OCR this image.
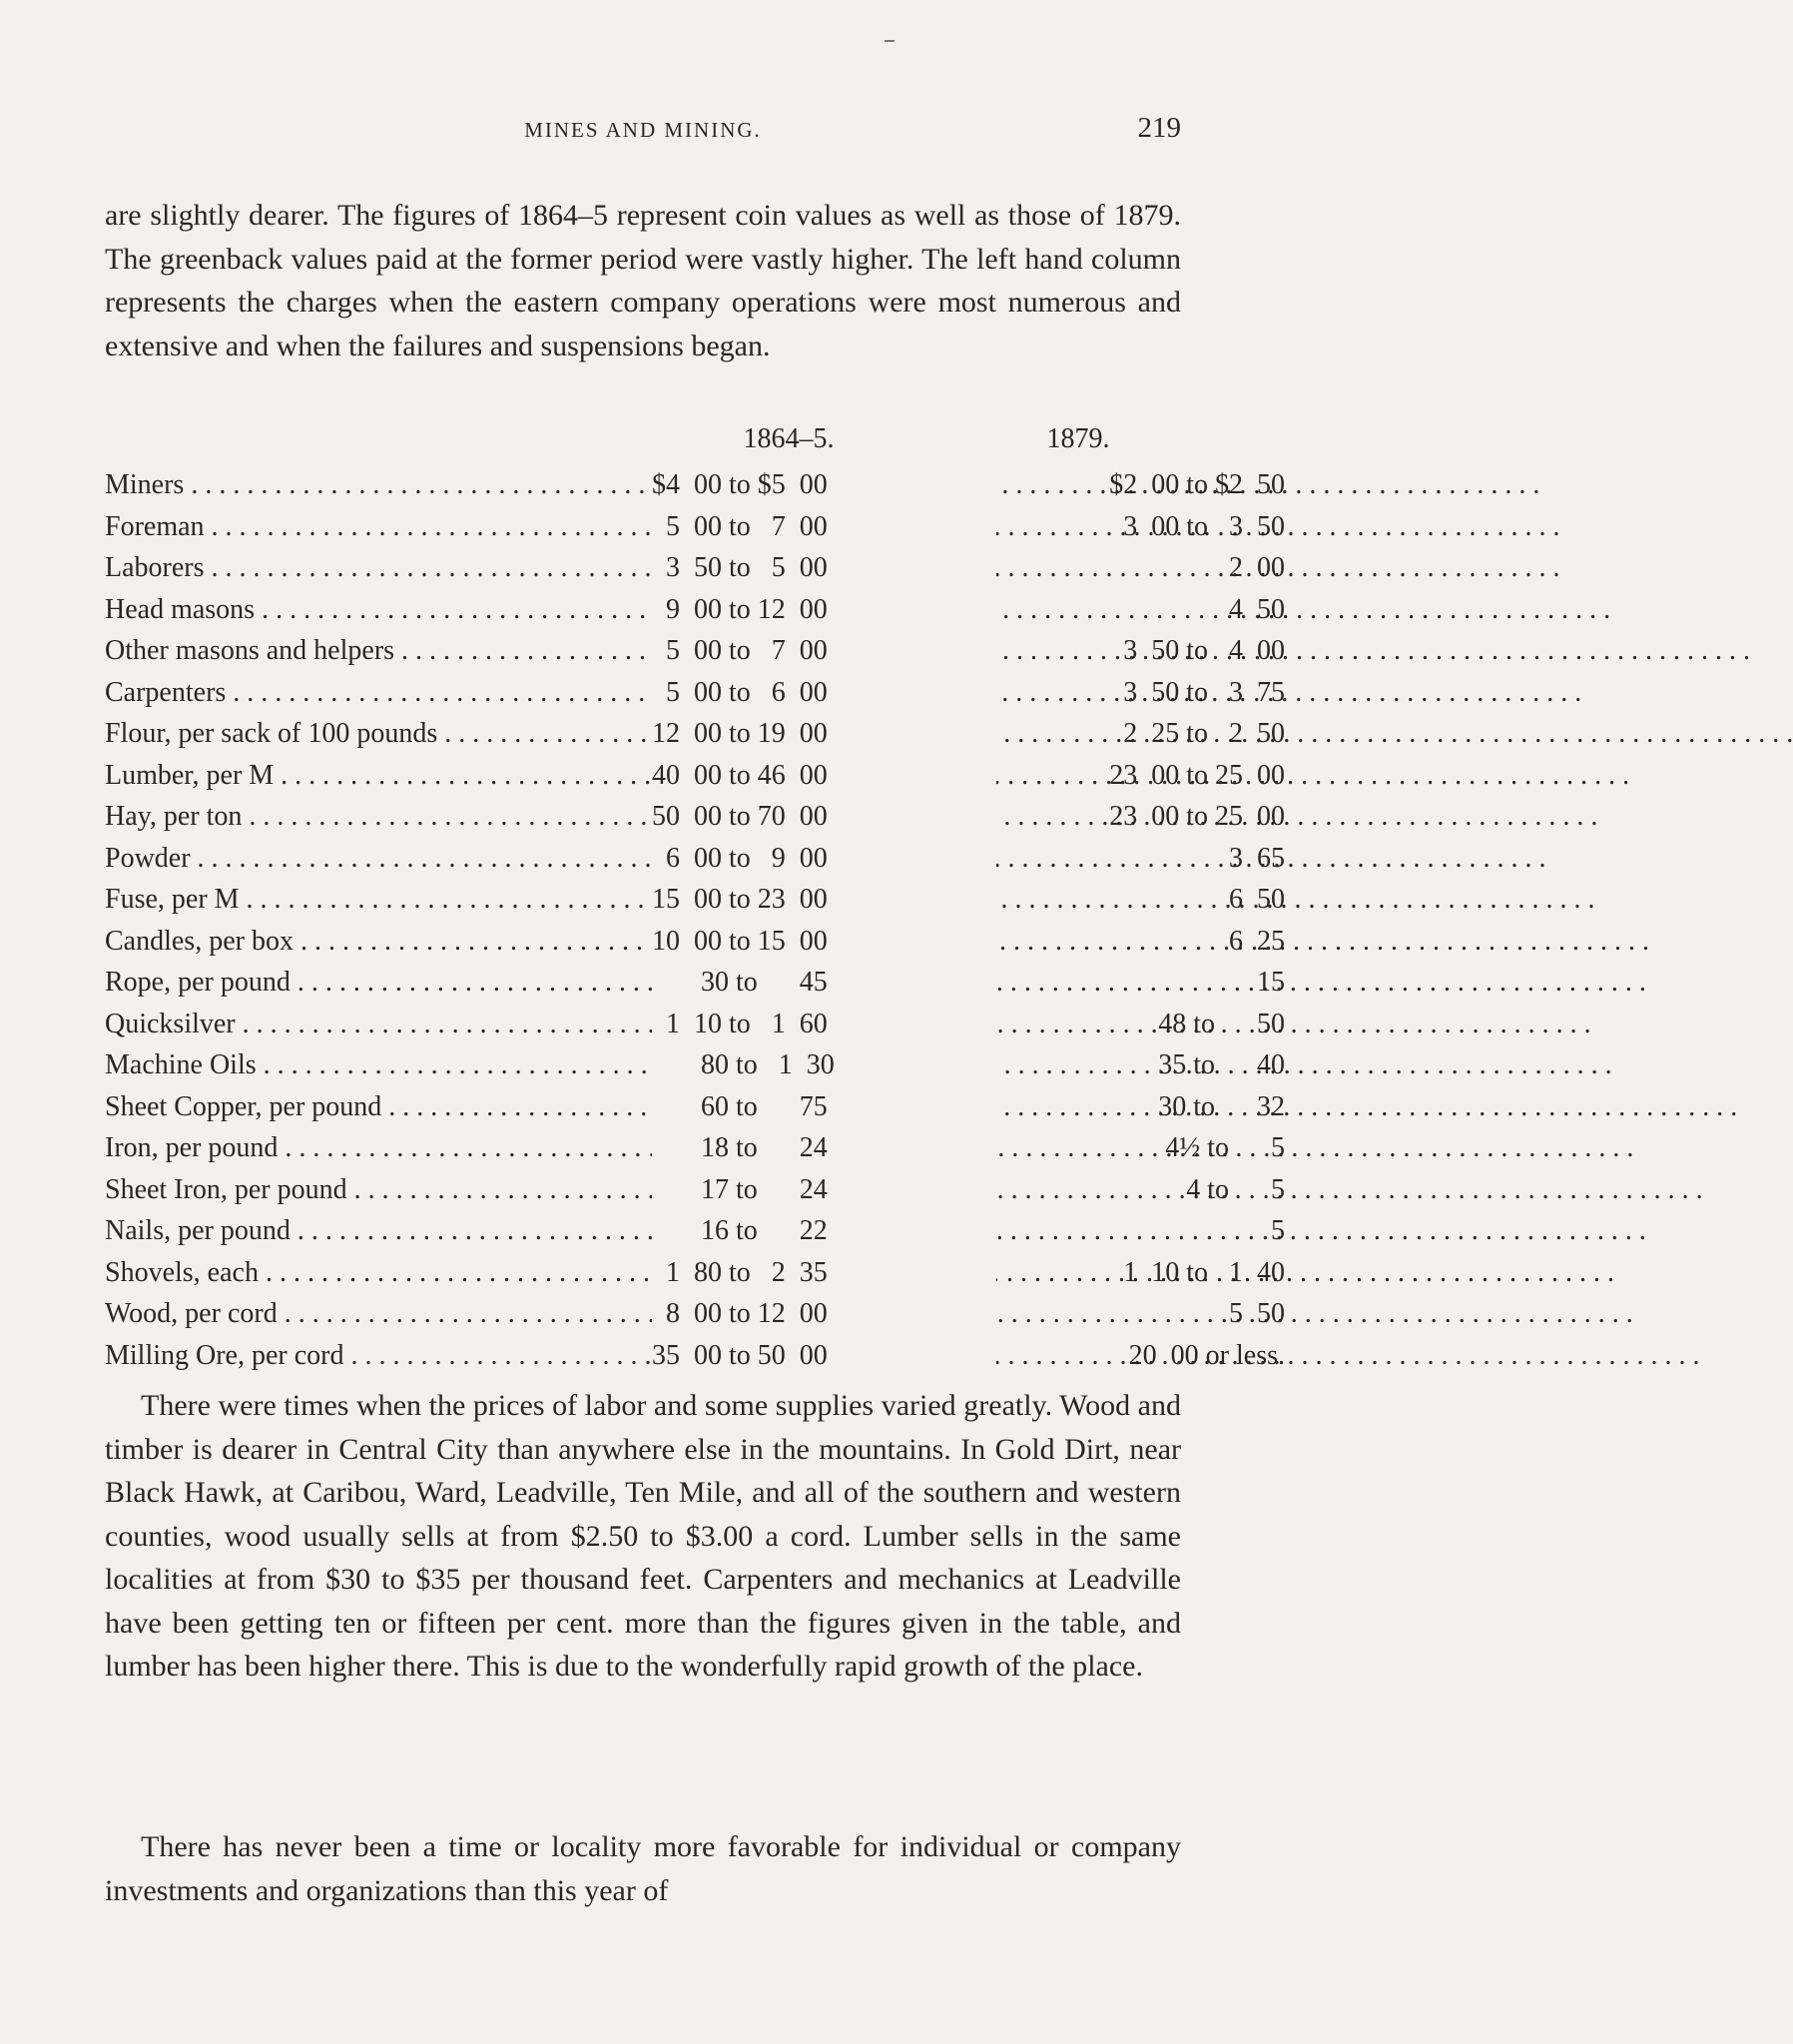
MINES AND MINING.	219
are slightly dearer. The figures of 1864–5 represent coin values as well as those of 1879. The greenback values paid at the former period were vastly higher. The left hand column represents the charges when the eastern company operations were most numerous and extensive and when the failures and suspensions began.
1864–5.	1879.
Miners . . .	$4  00 to $5  00	$2  00 to $2  50
Foreman . . .	5  00 to   7  00	3  00 to   3  50
Laborers . . .	3  50 to   5  00	2  00
Head masons . . .	9  00 to 12  00	4  50
Other masons and helpers . . .	5  00 to   7  00	3  50 to   4  00
Carpenters . . .	5  00 to   6  00	3  50 to   3  75
Flour, per sack of 100 pounds . . .	12  00 to 19  00	2  25 to   2  50
Lumber, per M . . .	40  00 to 46  00	23  00 to 25  00
Hay, per ton . . .	50  00 to 70  00	23  00 to 25  00
Powder . . .	6  00 to   9  00	3  65
Fuse, per M . . .	15  00 to 23  00	6  50
Candles, per box . . .	10  00 to 15  00	6  25
Rope, per pound . . .	30 to      45	15
Quicksilver . . .	1  10 to   1  60	48 to      50
Machine Oils . . .	80 to   1  30	35 to      40
Sheet Copper, per pound . . .	60 to      75	30 to      32
Iron, per pound . . .	18 to      24	4½ to      5
Sheet Iron, per pound . . .	17 to      24	4 to      5
Nails, per pound . . .	16 to      22	5
Shovels, each . . .	1  80 to   2  35	1  10 to   1  40
Wood, per cord . . .	8  00 to 12  00	5  50
Milling Ore, per cord . . .	35  00 to 50  00	20  00 or less.
There were times when the prices of labor and some supplies varied greatly. Wood and timber is dearer in Central City than anywhere else in the mountains. In Gold Dirt, near Black Hawk, at Caribou, Ward, Leadville, Ten Mile, and all of the southern and western counties, wood usually sells at from $2.50 to $3.00 a cord. Lumber sells in the same localities at from $30 to $35 per thousand feet. Carpenters and mechanics at Leadville have been getting ten or fifteen per cent. more than the figures given in the table, and lumber has been higher there. This is due to the wonderfully rapid growth of the place.
There has never been a time or locality more favorable for individual or company investments and organizations than this year of
